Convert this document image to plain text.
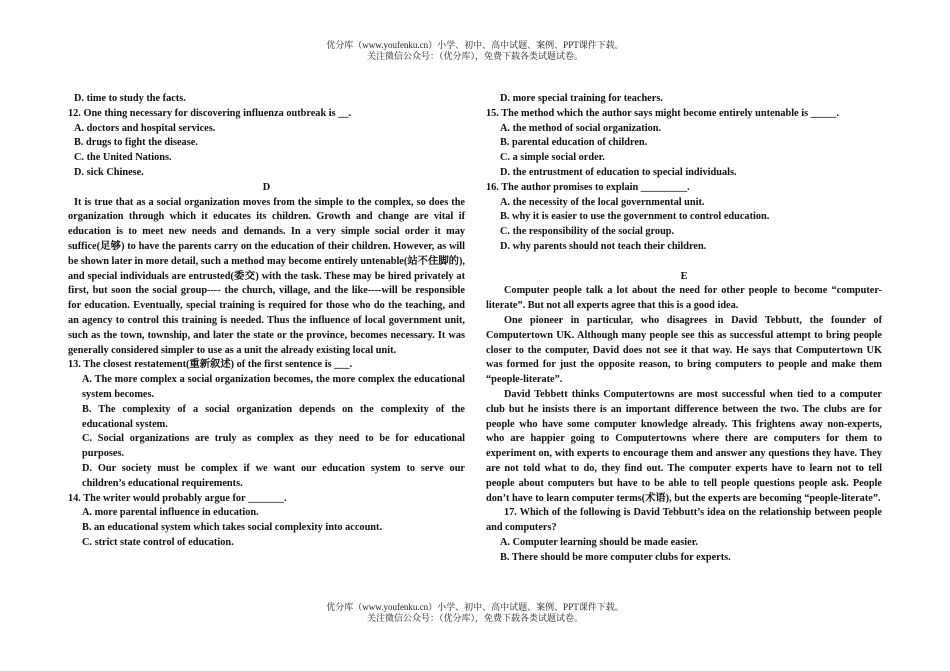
优分库（www.youfenku.cn）小学、初中、高中试题、案例、PPT课件下载。
关注微信公众号：（优分库），免费下载各类试题试卷。
D. time to study the facts.
12. One thing necessary for discovering influenza outbreak is __.
A. doctors and hospital services.
B. drugs to fight the disease.
C. the United Nations.
D. sick Chinese.
D
It is true that as a social organization moves from the simple to the complex, so does the organization through which it educates its children. Growth and change are vital if education is to meet new needs and demands. In a very simple social order it may suffice(足够) to have the parents carry on the education of their children. However, as will be shown later in more detail, such a method may become entirely untenable(站不住脚的), and special individuals are entrusted(委交) with the task. These may be hired privately at first, but soon the social group---- the church, village, and the like----will be responsible for education. Eventually, special training is required for those who do the teaching, and an agency to control this training is needed. Thus the influence of local government unit, such as the town, township, and later the state or the province, becomes necessary. It was generally considered simpler to use as a unit the already existing local unit.
13. The closest restatement(重新叙述) of the first sentence is ___.
A. The more complex a social organization becomes, the more complex the educational system becomes.
B. The complexity of a social organization depends on the complexity of the educational system.
C. Social organizations are truly as complex as they need to be for educational purposes.
D. Our society must be complex if we want our education system to serve our children’s educational requirements.
14. The writer would probably argue for _______.
A. more parental influence in education.
B. an educational system which takes social complexity into account.
C. strict state control of education.
D. more special training for teachers.
15. The method which the author says might become entirely untenable is _____.
A. the method of social organization.
B. parental education of children.
C. a simple social order.
D. the entrustment of education to special individuals.
16. The author promises to explain _________.
A. the necessity of the local governmental unit.
B. why it is easier to use the government to control education.
C. the responsibility of the social group.
D. why parents should not teach their children.
E
Computer people talk a lot about the need for other people to become “computer-literate”. But not all experts agree that this is a good idea.
One pioneer in particular, who disagrees in David Tebbutt, the founder of Computertown UK. Although many people see this as successful attempt to bring people closer to the computer, David does not see it that way. He says that Computertown UK was formed for just the opposite reason, to bring computers to people and make them “people-literate”.
David Tebbett thinks Computertowns are most successful when tied to a computer club but he insists there is an important difference between the two. The clubs are for people who have some computer knowledge already. This frightens away non-experts, who are happier going to Computertowns where there are computers for them to experiment on, with experts to encourage them and answer any questions they have. They are not told what to do, they find out. The computer experts have to learn not to tell people about computers but have to be able to tell people questions people ask. People don’t have to learn computer terms(术语), but the experts are becoming “people-literate”.
17. Which of the following is David Tebbutt’s idea on the relationship between people and computers?
A. Computer learning should be made easier.
B. There should be more computer clubs for experts.
优分库（www.youfenku.cn）小学、初中、高中试题、案例、PPT课件下载。
关注微信公众号：（优分库），免费下载各类试题试卷。
